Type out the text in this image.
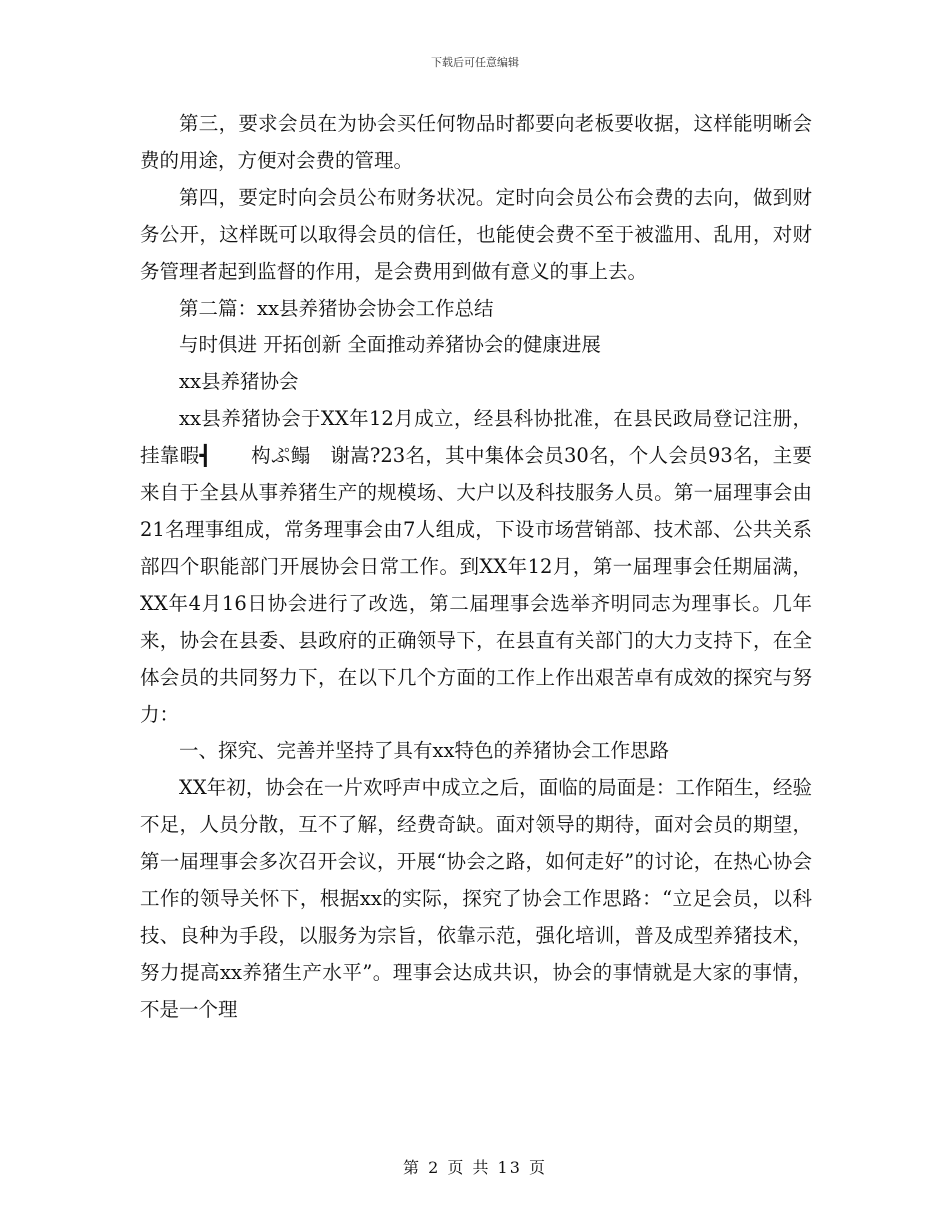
下载后可任意编辑

第三，要求会员在为协会买任何物品时都要向老板要收据，这样能明晰会费的用途，方便对会费的管理。

第四，要定时向会员公布财务状况。定时向会员公布会费的去向，做到财务公开，这样既可以取得会员的信任，也能使会费不至于被滥用、乱用，对财务管理者起到监督的作用，是会费用到做有意义的事上去。

第二篇：xx县养猪协会协会工作总结

与时俱进 开拓创新 全面推动养猪协会的健康进展

xx县养猪协会

xx县养猪协会于XX年12月成立，经县科协批准，在县民政局登记注册，挂靠暇┫　　构ぷ鳎　谢嵩?23名，其中集体会员30名，个人会员93名，主要来自于全县从事养猪生产的规模场、大户以及科技服务人员。第一届理事会由21名理事组成，常务理事会由7人组成，下设市场营销部、技术部、公共关系部四个职能部门开展协会日常工作。到XX年12月，第一届理事会任期届满，XX年4月16日协会进行了改选，第二届理事会选举齐明同志为理事长。几年来，协会在县委、县政府的正确领导下，在县直有关部门的大力支持下，在全体会员的共同努力下，在以下几个方面的工作上作出艰苦卓有成效的探究与努力：

一、探究、完善并坚持了具有xx特色的养猪协会工作思路

XX年初，协会在一片欢呼声中成立之后，面临的局面是：工作陌生，经验不足，人员分散，互不了解，经费奇缺。面对领导的期待，面对会员的期望，第一届理事会多次召开会议，开展“协会之路，如何走好”的讨论，在热心协会工作的领导关怀下，根据xx的实际，探究了协会工作思路：“立足会员，以科技、良种为手段，以服务为宗旨，依靠示范，强化培训，普及成型养猪技术，努力提高xx养猪生产水平”。理事会达成共识，协会的事情就是大家的事情，不是一个理

第 2 页 共 13 页
